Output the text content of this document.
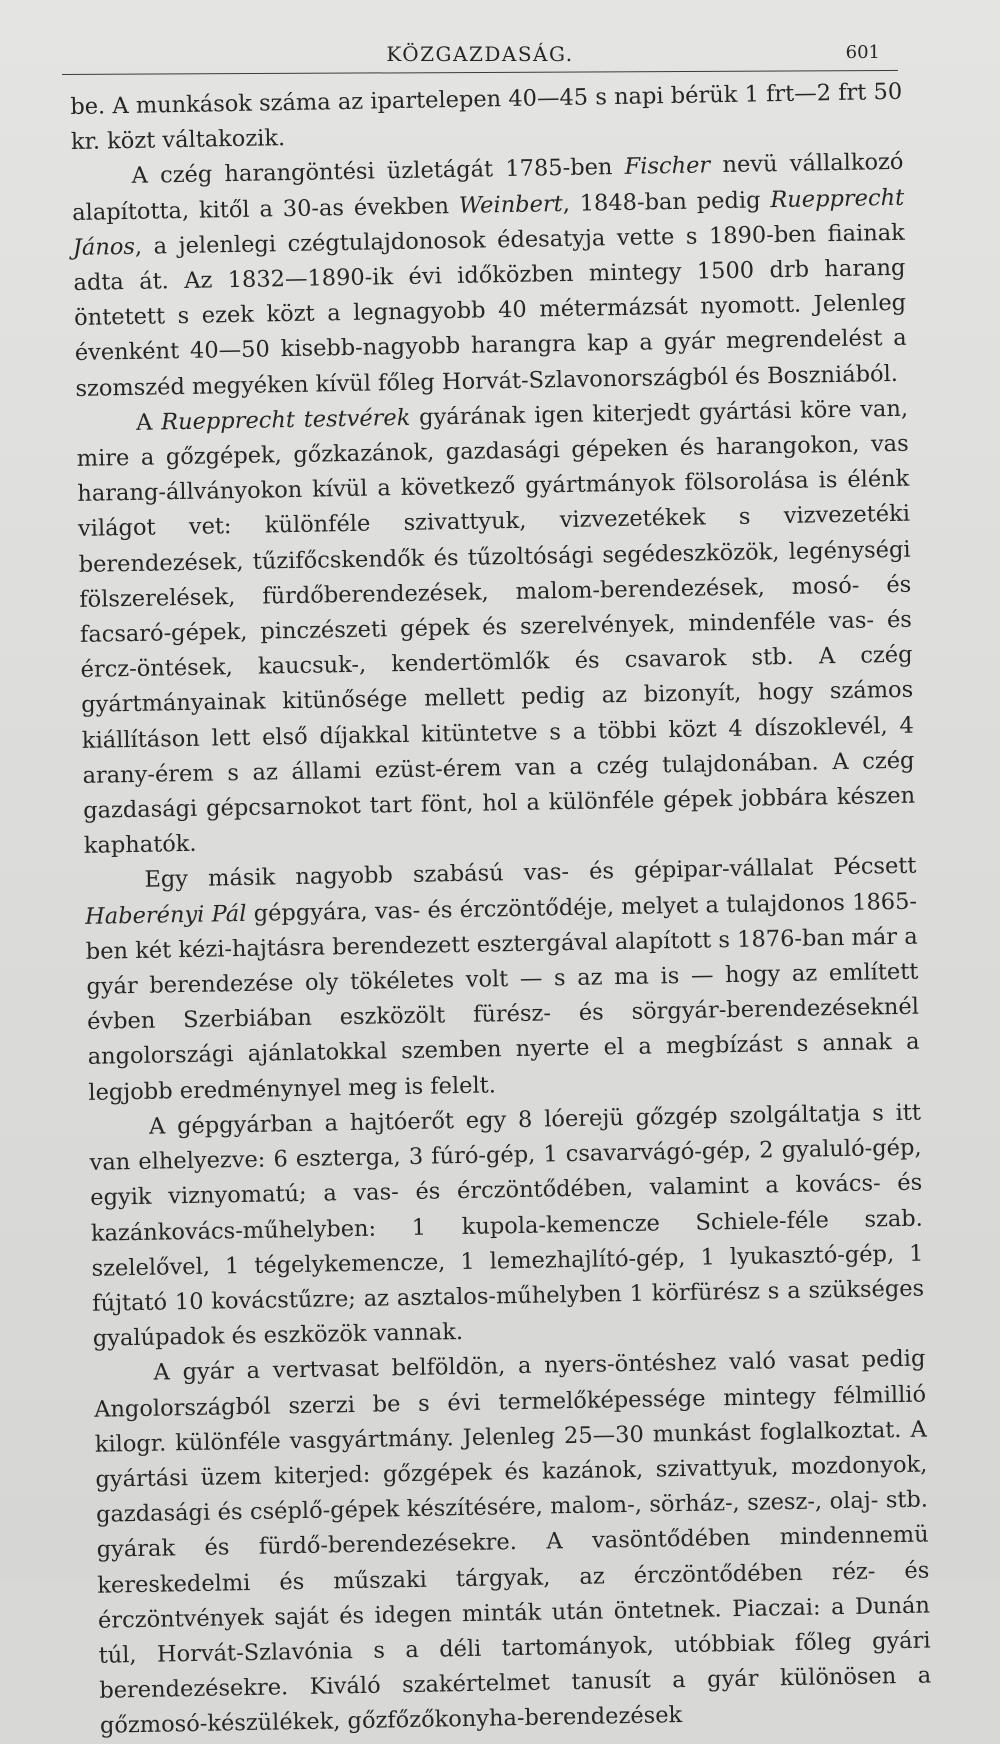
KÖZGAZDASÁG.	601

be. A munkások száma az ipartelepen 40—45 s napi bérük 1 frt—2 frt 50 kr. közt váltakozik.

A czég harangöntési üzletágát 1785-ben Fischer nevü vállalkozó alapította, kitől a 30-as években Weinbert, 1848-ban pedig Ruepprecht János, a jelenlegi czégtulajdonosok édesatyja vette s 1890-ben fiainak adta át. Az 1832—1890-ik évi időközben mintegy 1500 drb harang öntetett s ezek közt a legnagyobb 40 métermázsát nyomott. Jelenleg évenként 40—50 kisebb-nagyobb harangra kap a gyár megrendelést a szomszéd megyéken kívül főleg Horvát-Szlavonországból és Boszniából.

A Ruepprecht testvérek gyárának igen kiterjedt gyártási köre van, mire a gőzgépek, gőzkazánok, gazdasági gépeken és harangokon, vas harang-állványokon kívül a következő gyártmányok fölsorolása is élénk világot vet: különféle szivattyuk, vizvezetékek s vizvezetéki berendezések, tűzifőcskendők és tűzoltósági segédeszközök, legénységi fölszerelések, fürdőberendezések, malom-berendezések, mosó- és facsaró-gépek, pinczészeti gépek és szerelvények, mindenféle vas- és ércz-öntések, kaucsuk-, kendertömlők és csavarok stb. A czég gyártmányainak kitünősége mellett pedig az bizonyít, hogy számos kiállításon lett első díjakkal kitüntetve s a többi közt 4 díszoklevél, 4 arany-érem s az állami ezüst-érem van a czég tulajdonában. A czég gazdasági gépcsarnokot tart fönt, hol a különféle gépek jobbára készen kaphatók.

Egy másik nagyobb szabású vas- és gépipar-vállalat Pécsett Haberényi Pál gépgyára, vas- és érczöntődéje, melyet a tulajdonos 1865-ben két kézi-hajtásra berendezett esztergával alapított s 1876-ban már a gyár berendezése oly tökéletes volt — s az ma is — hogy az említett évben Szerbiában eszközölt fürész- és sörgyár-berendezéseknél angolországi ajánlatokkal szemben nyerte el a megbízást s annak a legjobb eredménynyel meg is felelt.

A gépgyárban a hajtóerőt egy 8 lóerejü gőzgép szolgáltatja s itt van elhelyezve: 6 eszterga, 3 fúró-gép, 1 csavarvágó-gép, 2 gyaluló-gép, egyik viznyomatú; a vas- és érczöntődében, valamint a kovács- és kazánkovács-műhelyben: 1 kupola-kemencze Schiele-féle szab. szelelővel, 1 tégelykemencze, 1 lemezhajlító-gép, 1 lyukasztó-gép, 1 fújtató 10 kovácstűzre; az asztalos-műhelyben 1 körfürész s a szükséges gyalúpadok és eszközök vannak.

A gyár a vertvasat belföldön, a nyers-öntéshez való vasat pedig Angolországból szerzi be s évi termelőképessége mintegy félmillió kilogr. különféle vasgyártmány. Jelenleg 25—30 munkást foglalkoztat. A gyártási üzem kiterjed: gőzgépek és kazánok, szivattyuk, mozdonyok, gazdasági és cséplő-gépek készítésére, malom-, sörház-, szesz-, olaj- stb. gyárak és fürdő-berendezésekre. A vasöntődében mindennemü kereskedelmi és műszaki tárgyak, az érczöntődében réz- és érczöntvények saját és idegen minták után öntetnek. Piaczai: a Dunán túl, Horvát-Szlavónia s a déli tartományok, utóbbiak főleg gyári berendezésekre. Kiváló szakértelmet tanusít a gyár különösen a gőzmosó-készülékek, gőzfőzőkonyha-berendezések
